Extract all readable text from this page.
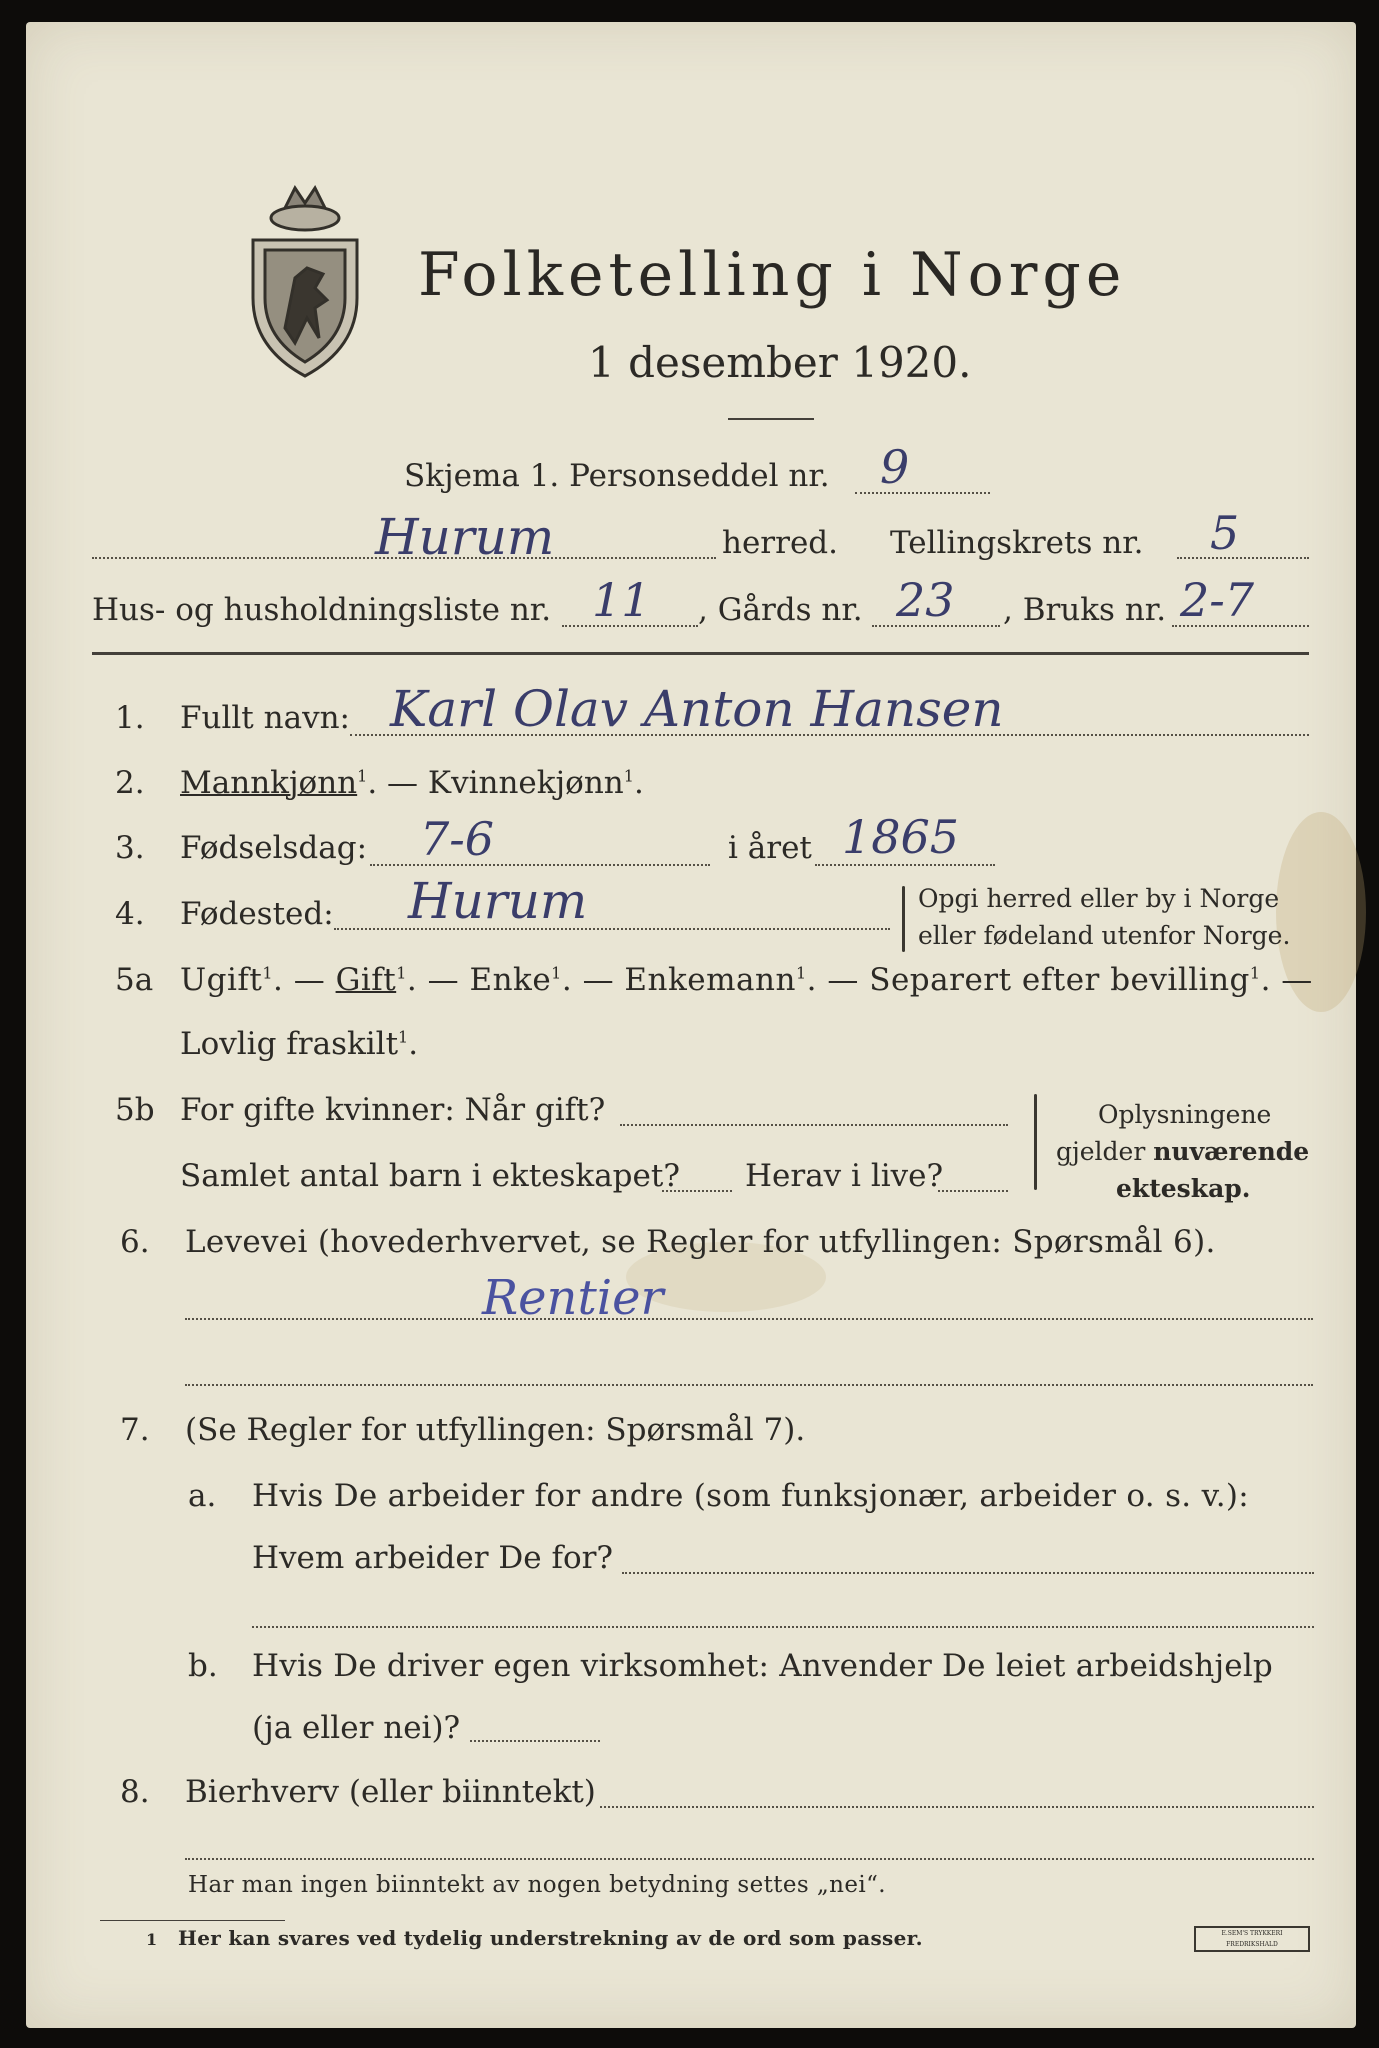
Folketelling i Norge
1 desember 1920.
Skjema 1. Personseddel nr. 9
Hurum	herred. Tellingskrets nr. 5
Hus- og husholdningsliste nr. 11 , Gårds nr. 23 , Bruks nr. 2-7
1. Fullt navn: Karl Olav Anton Hansen
2. Mannkjønn$^1$. — Kvinnekjønn$^1$.
3. Fødselsdag: 7-6	i året 1865
4. Fødested: Hurum	Opgi herred eller by i Norge
eller fødeland utenfor Norge.
5a Ugift$^1$. — Gift$^1$. — Enke$^1$. — Enkemann$^1$. — Separert efter bevilling$^1$. —
Lovlig fraskilt$^1$.
5b For gifte kvinner: Når gift?
Samlet antal barn i ekteskapet? Herav i live?
Oplysningene
gjelder nuværende
ekteskap.
6. Levevei (hovederhvervet, se Regler for utfyllingen: Spørsmål 6).
Rentier
7. (Se Regler for utfyllingen: Spørsmål 7).
a. Hvis De arbeider for andre (som funksjonær, arbeider o. s. v.):
Hvem arbeider De for?
b. Hvis De driver egen virksomhet: Anvender De leiet arbeidshjelp
(ja eller nei)?
8. Bierhverv (eller biinntekt)
Har man ingen biinntekt av nogen betydning settes „nei“.
1 Her kan svares ved tydelig understrekning av de ord som passer.	E.SEM'S TRYKKERI FREDRIKSHALD
